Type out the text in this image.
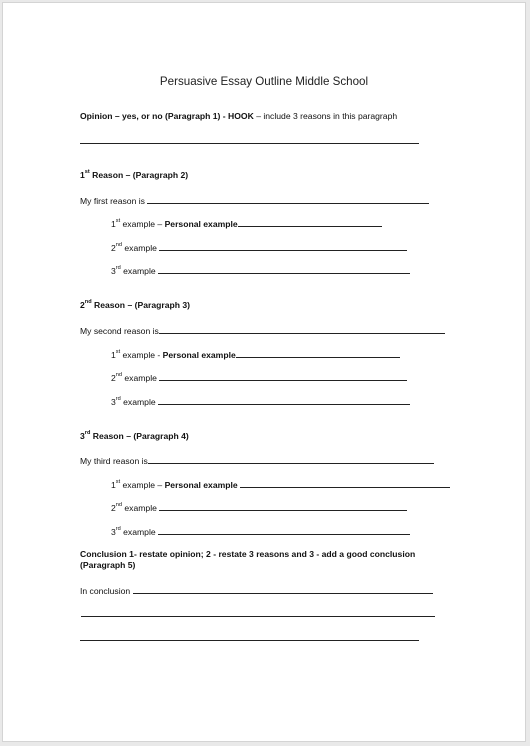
Persuasive Essay Outline Middle School
Opinion – yes, or no (Paragraph 1) - HOOK – include 3 reasons in this paragraph
1st Reason – (Paragraph 2)
My first reason is
1st example – Personal example
2nd example
3rd example
2nd Reason – (Paragraph 3)
My second reason is
1st example - Personal example
2nd example
3rd example
3rd Reason – (Paragraph 4)
My third reason is
1st example – Personal example
2nd example
3rd example
Conclusion 1- restate opinion; 2 - restate 3 reasons and 3 - add a good conclusion
(Paragraph 5)
In conclusion
